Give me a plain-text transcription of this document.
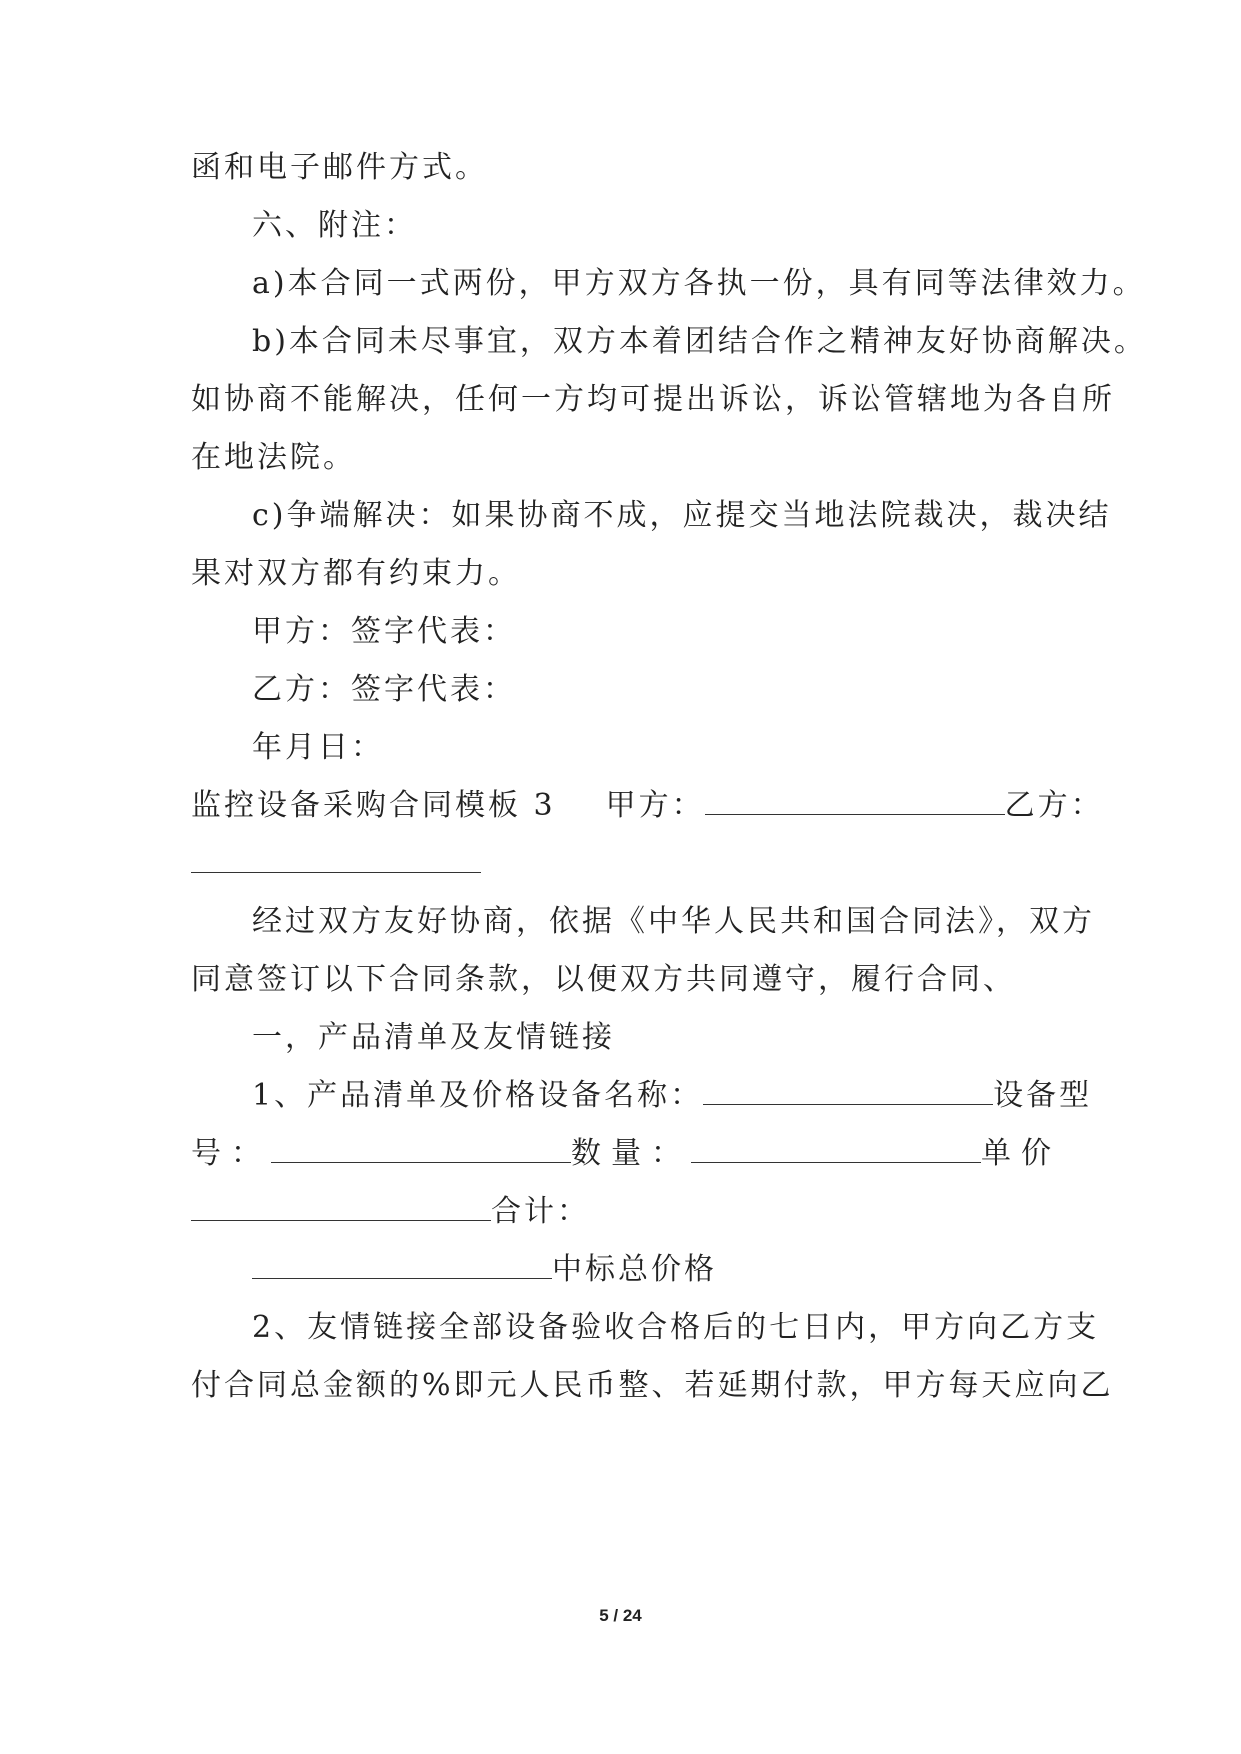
函和电子邮件方式。
六、附注：
a)本合同一式两份，甲方双方各执一份，具有同等法律效力。
b)本合同未尽事宜，双方本着团结合作之精神友好协商解决。
如协商不能解决，任何一方均可提出诉讼，诉讼管辖地为各自所
在地法院。
c)争端解决：如果协商不成，应提交当地法院裁决，裁决结
果对双方都有约束力。
甲方：签字代表：
乙方：签字代表：
年月日：
监控设备采购合同模板 3 甲方：	乙方：
经过双方友好协商，依据《中华人民共和国合同法》，双方
同意签订以下合同条款，以便双方共同遵守，履行合同、
一，产品清单及友情链接
1、产品清单及价格设备名称：	设备型
号：	数量：	单价
合计：
中标总价格
2、友情链接全部设备验收合格后的七日内，甲方向乙方支
付合同总金额的%即元人民币整、若延期付款，甲方每天应向乙
5 / 24
